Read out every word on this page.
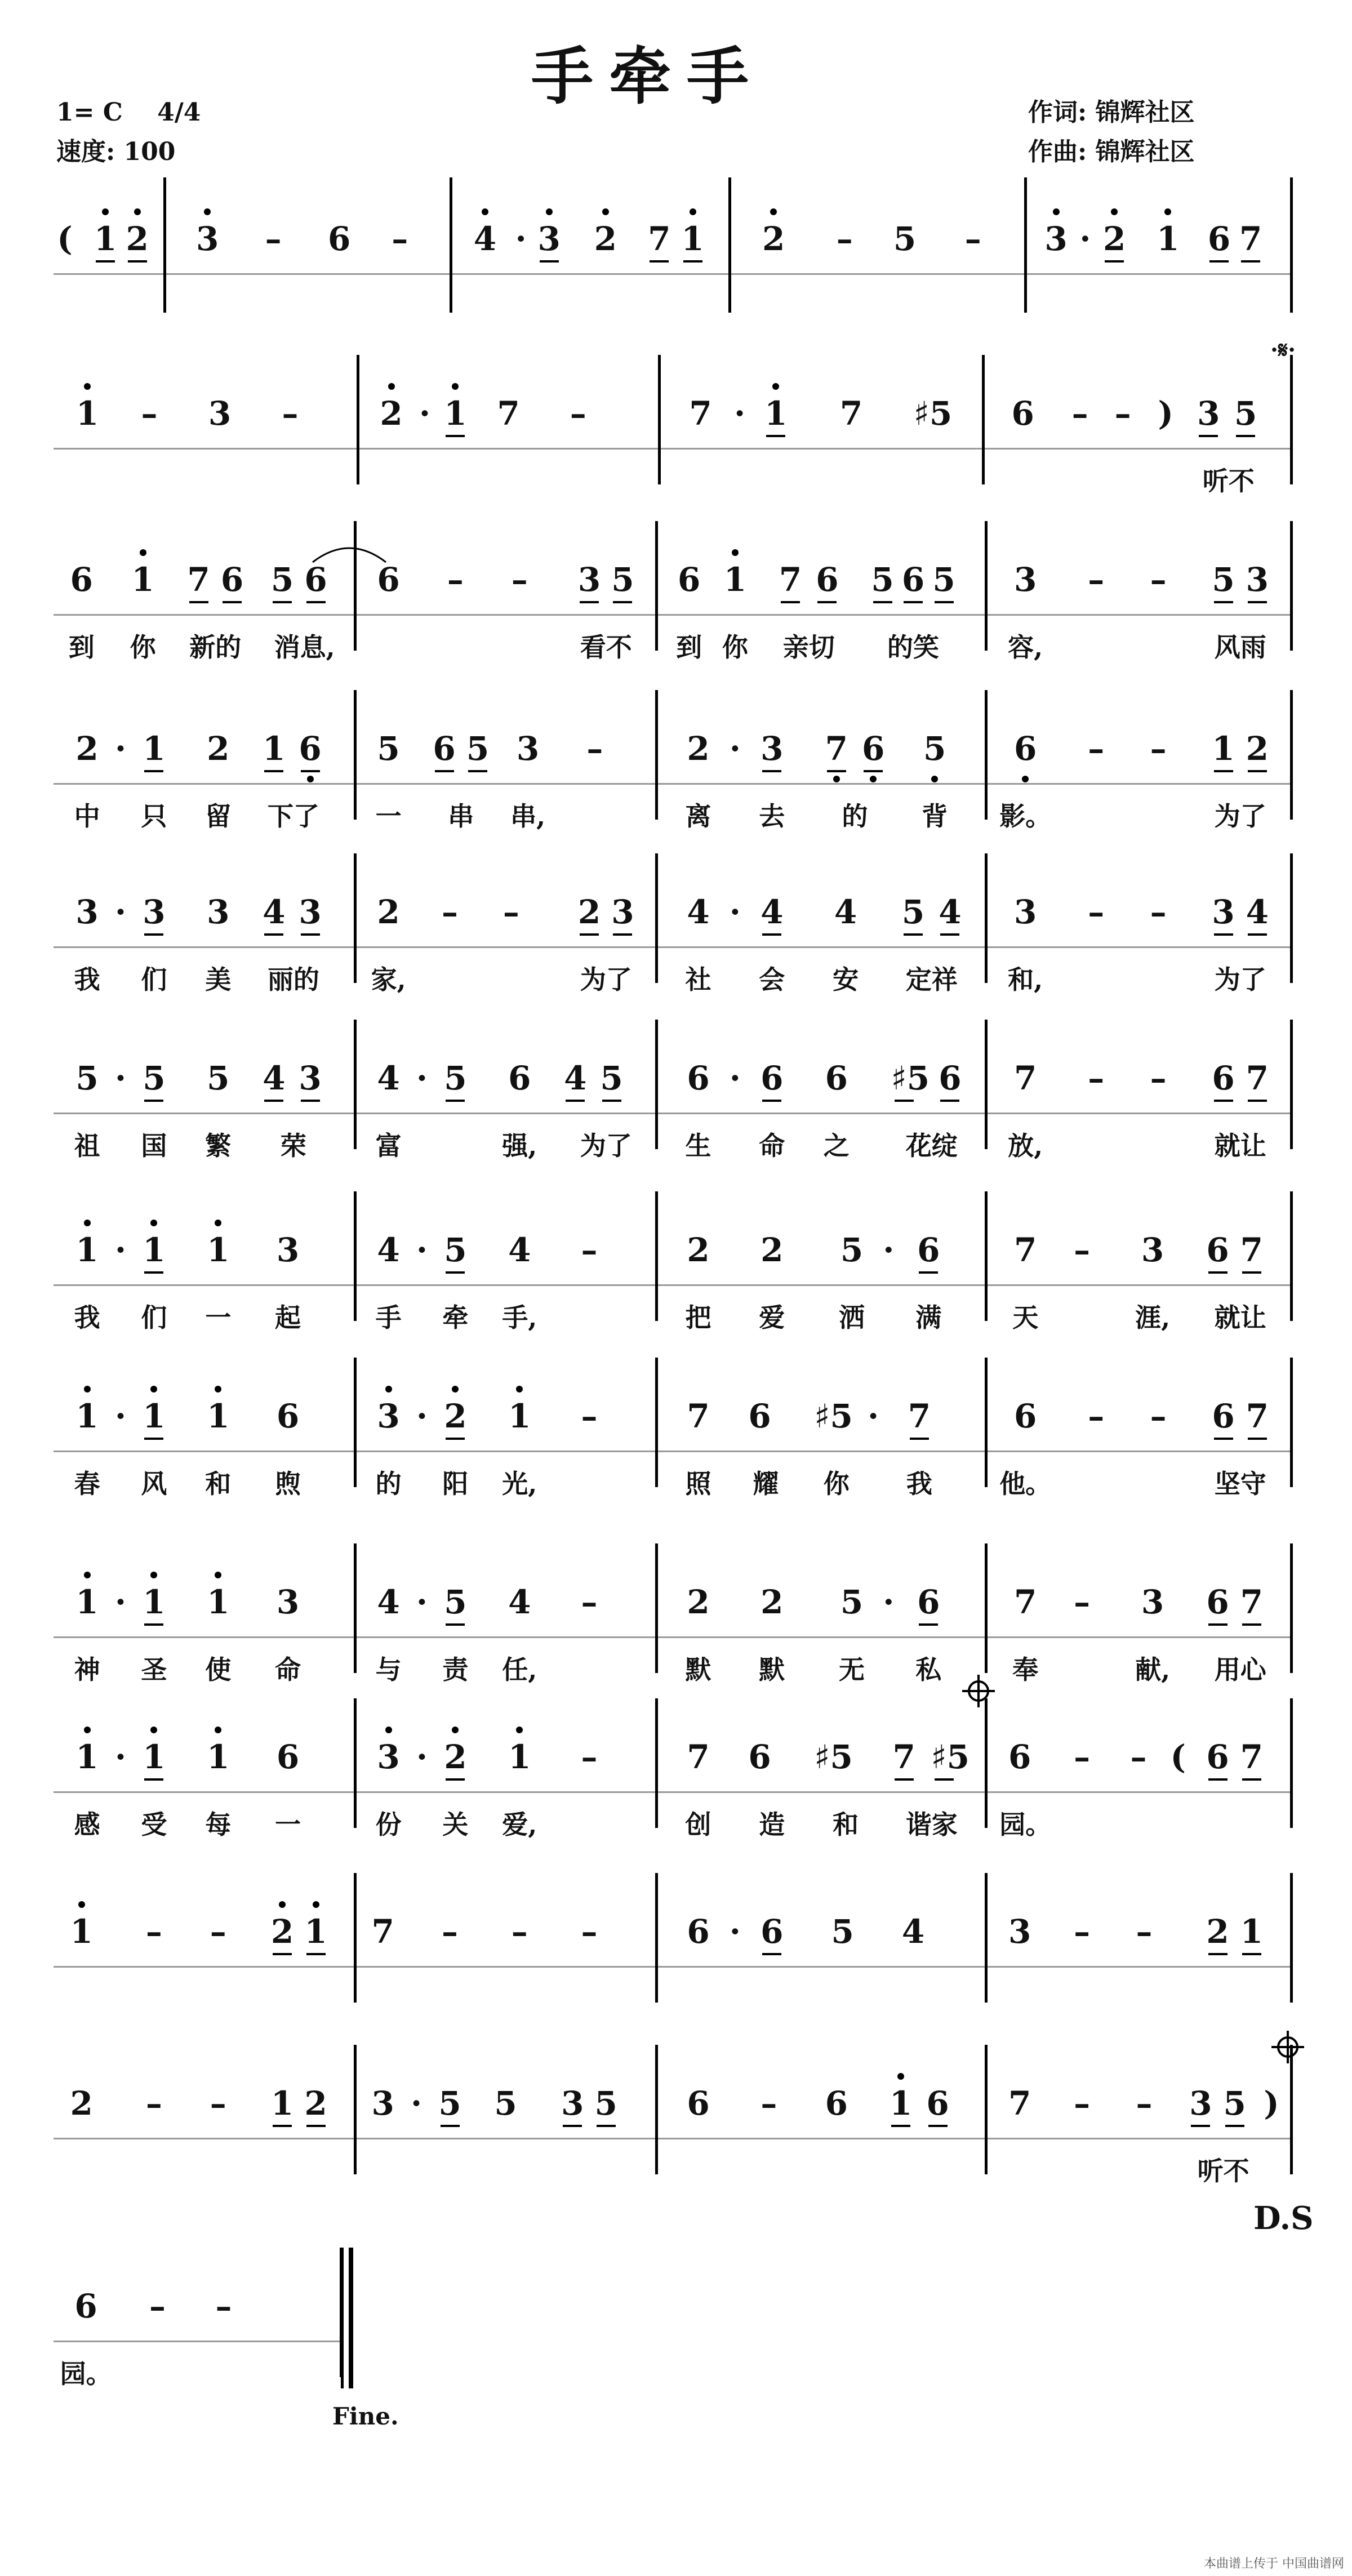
手牵手
1= C 4/4
速度: 100
作词: 锦辉社区
作曲: 锦辉社区
( 1 2 3 – 6 – 4 · 3 2 7 1 2 – 5 – 3 · 2 1 6 7
1 – 3 – 2 · 1 7 –	7 · 1 7 ♯5 6 – – ) 3 5
听不
6 1 7 6 5 6
到	你	新的	消息,
6 – – 3 5
看不
6 1 7 6 5 6 5
到 你	亲切	的笑
3 – – 5 3
容,	风雨
2 · 1 2 1 6
中	只	留	下了
5 6 5 3 –
一	串	串,
2 · 3 7 6 5
离	去	的	背
6 – – 1 2
影。	为了
3 · 3 3 4 3
我	们	美	丽的
2 – – 2 3
家,	为了
4 · 4 4 5 4
社	会	安	定祥
3 – – 3 4
和,	为了
5 · 5 5 4 3
祖	国	繁	荣
4 · 5 6 4 5
富	强,	为了
6 · 6 6 ♯5 6
生	命	之	花绽
7 – – 6 7
放,	就让
1 · 1 1 3
我	们	一	起
4 · 5 4 –
手	牵	手,
2 2 5 · 6
把	爱	洒	满
7 – 3 6 7
天	涯,	就让
1 · 1 1 6
春	风	和	煦
3 · 2 1 –
的	阳	光,
7 6 ♯5 · 7
照	耀	你	我
6 – – 6 7
他。	坚守
1 · 1 1 3
神	圣	使	命
4 · 5 4 –
与	责	任,
2 2 5 · 6
默	默	无	私
7 – 3 6 7
奉	献,	用心
1 · 1 1 6
感	受	每	一
3 · 2 1 –
份	关	爱,
7 6 ♯5 7 ♯5
创	造	和	谐家
6 – – ( 6 7
园。
1 – – 2 1 7 – – –	6 · 6 5 4	3 – – 2 1
2 – – 1 2 3 · 5 5 3 5 6 – 6 1 6 7 – – 3 5 )
听不
6 – –
园。
本曲谱上传于 中国曲谱网
·𝄋·
D.S
Fine.
